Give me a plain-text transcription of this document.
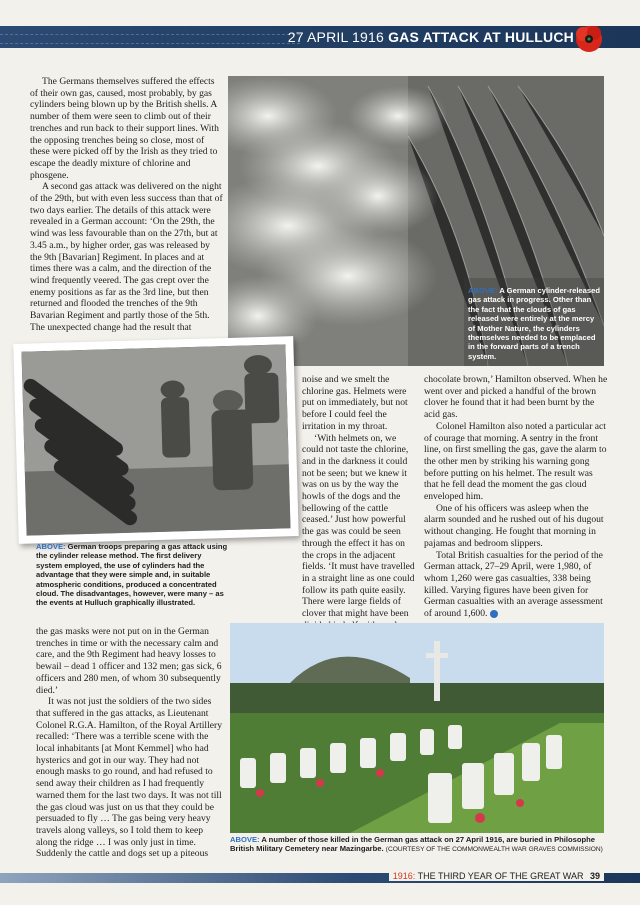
27 APRIL 1916 GAS ATTACK AT HULLUCH

The Germans themselves suffered the effects of their own gas, caused, most probably, by gas cylinders being blown up by the British shells. A number of them were seen to climb out of their trenches and run back to their support lines. With the opposing trenches being so close, most of these were picked off by the Irish as they tried to escape the deadly mixture of chlorine and phosgene.

A second gas attack was delivered on the night of the 29th, but with even less success than that of two days earlier. The details of this attack were revealed in a German account: ‘On the 29th, the wind was less favourable than on the 27th, but at 3.45 a.m., by higher order, gas was released by the 9th [Bavarian] Regiment. In places and at times there was a calm, and the direction of the wind frequently veered. The gas crept over the enemy positions as far as the 3rd line, but then returned and flooded the trenches of the 9th Bavarian Regiment and partly those of the 5th. The unexpected change had the result that

ABOVE: A German cylinder-released gas attack in progress. Other than the fact that the clouds of gas released were entirely at the mercy of Mother Nature, the cylinders themselves needed to be emplaced in the forward parts of a trench system.
ABOVE: German troops preparing a gas attack using the cylinder release method. The first delivery system employed, the use of cylinders had the advantage that they were simple and, in suitable atmospheric conditions, produced a concentrated cloud. The disadvantages, however, were many – as the events at Hulluch graphically illustrated.

the gas masks were not put on in the German trenches in time or with the necessary calm and care, and the 9th Regiment had heavy losses to bewail – dead 1 officer and 132 men; gas sick, 6 officers and 280 men, of whom 30 subsequently died.’

It was not just the soldiers of the two sides that suffered in the gas attacks, as Lieutenant Colonel R.G.A. Hamilton, of the Royal Artillery recalled: ‘There was a terrible scene with the local inhabitants [at Mont Kemmel] who had hysterics and got in our way. They had not enough masks to go round, and had refused to send away their children as I had frequently warned them for the last two days. It was not till the gas cloud was just on us that they could be persuaded to fly … The gas being very heavy travels along valleys, so I told them to keep along the ridge … I was only just in time. Suddenly the cattle and dogs set up a piteous

noise and we smelt the chlorine gas. Helmets were put on immediately, but not before I could feel the irritation in my throat.

‘With helmets on, we could not taste the chlorine, and in the darkness it could not be seen; but we knew it was on us by the way the howls of the dogs and the bellowing of the cattle ceased.’ Just how powerful the gas was could be seen through the effect it has on the crops in the adjacent fields. ‘It must have travelled in a straight line as one could follow its path quite easily. There were large fields of clover that might have been

chocolate brown,’ Hamilton observed. When he went over and picked a handful of the brown clover he found that it had been burnt by the acid gas.

Colonel Hamilton also noted a particular act of courage that morning. A sentry in the front line, on first smelling the gas, gave the alarm to the other men by striking his warning gong before putting on his helmet. The result was that he fell dead the moment the gas cloud enveloped him.

One of his officers was asleep when the alarm sounded and he rushed out of his dugout without changing. He fought that morning in pajamas and bedroom slippers.

Total British casualties for the period of the German attack, 27–29 April, were 1,980, of whom 1,260 were gas casualties, 338 being killed. Varying figures have been given for German casualties with an average assessment of around 1,600.

ABOVE: A number of those killed in the German gas attack on 27 April 1916, are buried in Philosophe British Military Cemetery near Mazingarbe. (COURTESY OF THE COMMONWEALTH WAR GRAVES COMMISSION)
1916: THE THIRD YEAR OF THE GREAT WAR 39
